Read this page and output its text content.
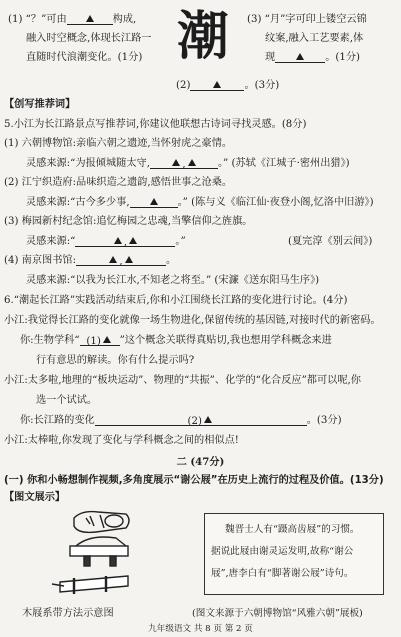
(1) “？”可由	构成,
融入时空概念,体现长江路一
直随时代浪潮变化。(1分) 潮 (3) “月”字可印上镂空云锦
纹案,融入工艺要素,体
现	。(1分)
(2)	。(3分)
【创写推荐词】
5.小江为长江路景点写推荐词,你建议他联想古诗词寻找灵感。(8分)
(1) 六朝博物馆:亲临六朝之遗迹,当怀射虎之豪情。
灵感来源:“为报倾城随太守,	,	。” (苏轼《江城子·密州出猎》)
(2) 江宁织造府:品味织造之遗韵,感悟世事之沧桑。
灵感来源:“古今多少事,	。” (陈与义《临江仙·夜登小阁,忆洛中旧游》)
(3) 梅园新村纪念馆:追忆梅园之忠魂,当擎信仰之旌旗。
灵感来源:“	,	。”	(夏完淳《别云间》)
(4) 南京图书馆:	,	。
灵感来源:“以我为长江水,不知老之将至。” (宋濂《送东阳马生序》)
6.“潮起长江路”实践活动结束后,你和小江围绕长江路的变化进行讨论。(4分)
小江:我觉得长江路的变化就像一场生物进化,保留传统的基因链,对接时代的新密码。
你:生物学科“ (1) ”这个概念关联得真贴切,我也想用学科概念来进
行有意思的解读。你有什么提示吗?
小江:太多啦,地理的“板块运动”、物理的“共振”、化学的“化合反应”都可以呢,你
选一个试试。
你:长江路的变化	(2)	。(3分)
小江:太棒啦,你发现了变化与学科概念之间的相似点!
二 (47分)
(一) 你和小畅想制作视频,多角度展示“谢公屐”在历史上流行的过程及价值。(13分)
【图文展示】
木屐系带方法示意图
魏晋士人有“蹑高齿屐”的习惯。
据说此屐由谢灵运发明,故称“谢公
屐”,唐李白有“脚著谢公屐”诗句。
(图文来源于六朝博物馆“风雅六朝”展板)
九年级语文 共 8 页 第 2 页
